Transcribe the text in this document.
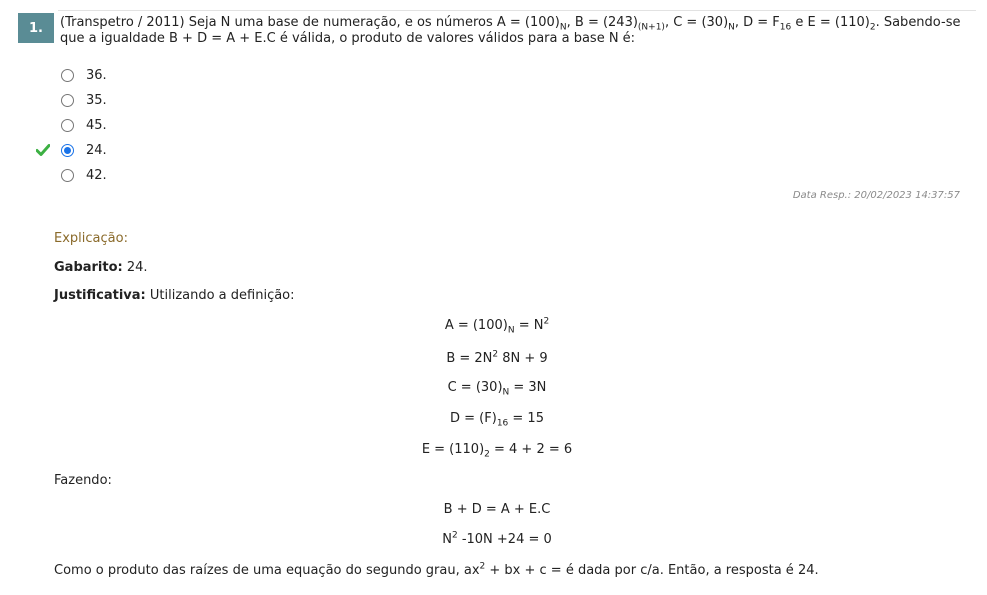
1.	(Transpetro / 2011) Seja N uma base de numeração, e os números $A = (100)_N$, $B = (243)_{(N+1)}$, $C = (30)_N$, $D = F_{16}$ e $E = (110)_2$. Sabendo-se que a igualdade B + D = A + E.C é válida, o produto de valores válidos para a base N é:
36.
35.
45.
24.
42.
Data Resp.: 20/02/2023 14:37:57
Explicação:
Gabarito: 24.
Justificativa: Utilizando a definição:
$A = (100)_N = N^2$
$B = 2N^2$ 8N + 9
$C = (30)_N = 3N$
$D = (F)_{16} = 15$
$E = (110)_2 = 4 + 2 = 6$
Fazendo:
B + D = A + E.C
$N^2$ -10N +24 = 0
Como o produto das raízes de uma equação do segundo grau, $ax^2$ + bx + c = é dada por c/a. Então, a resposta é 24.
